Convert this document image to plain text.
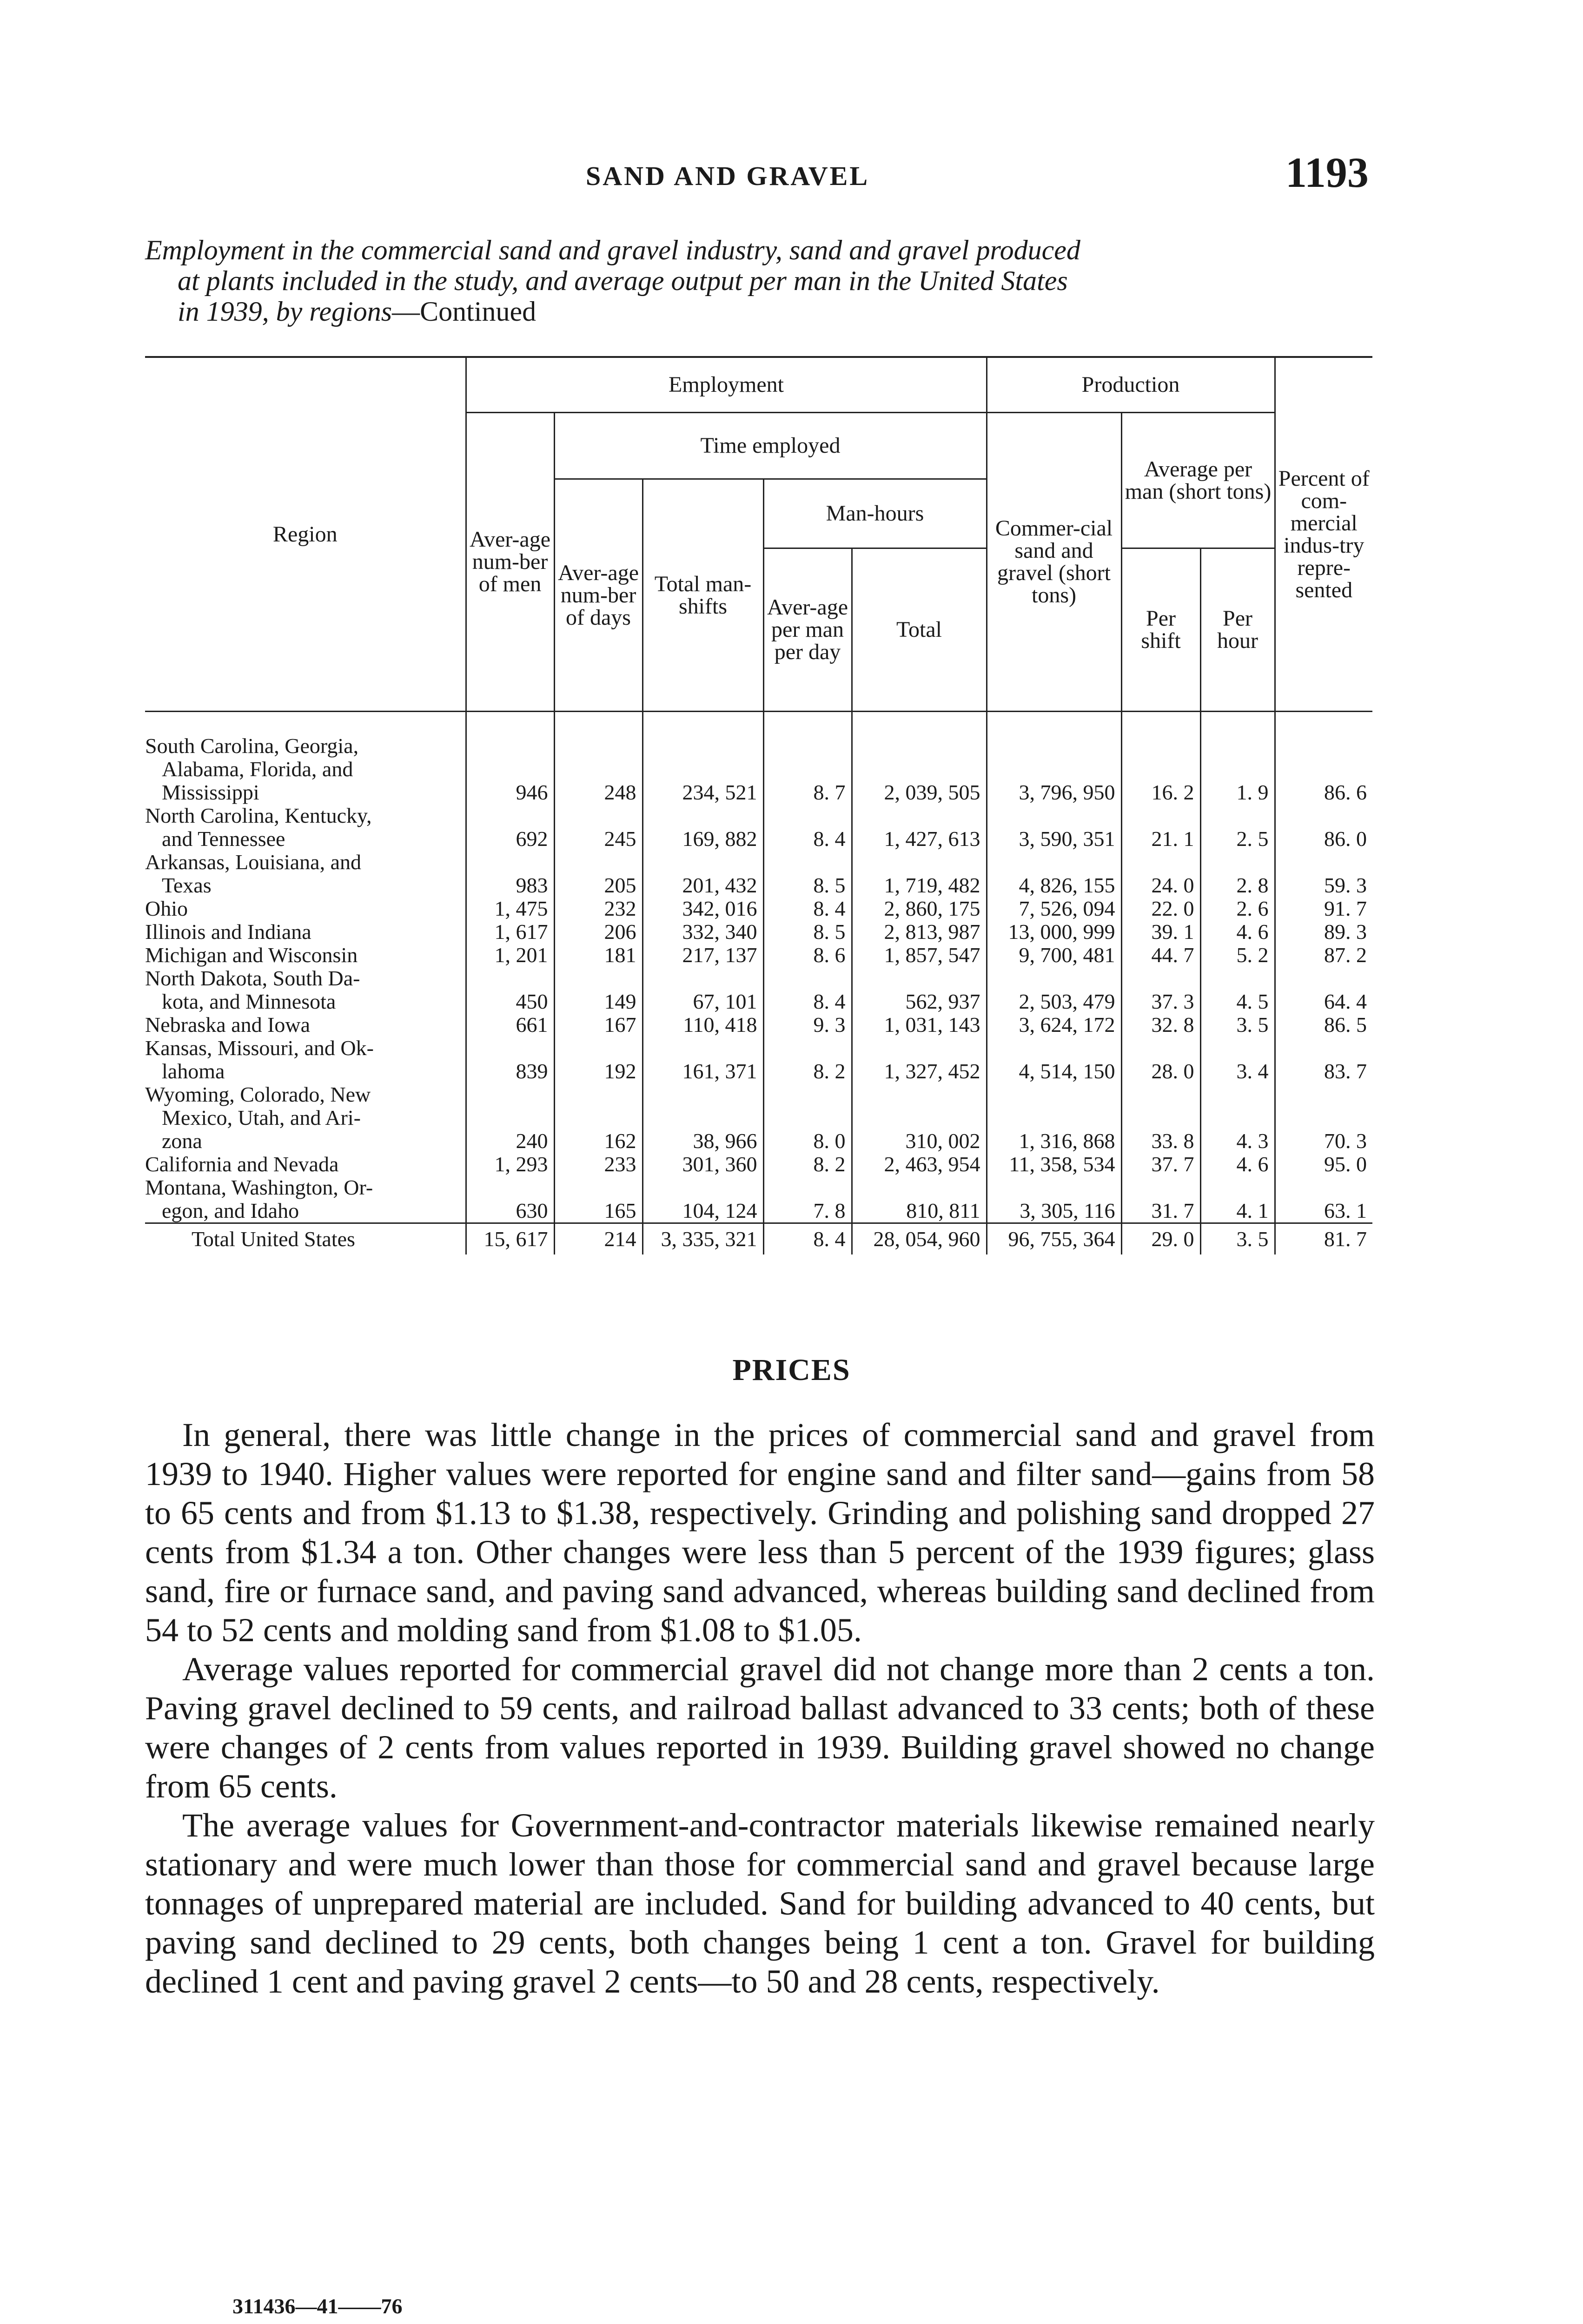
SAND AND GRAVEL	1193
Employment in the commercial sand and gravel industry, sand and gravel produced
at plants included in the study, and average output per man in the United States
in 1939, by regions—Continued
Region	Employment					Production			Percent of com-mercial indus-try repre-sented
	Aver-age num-ber of men	Time employed				Commer-cial sand and gravel (short tons)	Average per man (short tons)		
		Aver-age num-ber of days	Total man-shifts	Man-hours					
				Aver-age per man per day	Total		Per shift	Per hour	

South Carolina, Georgia,
Alabama, Florida, and
Mississippi	946	248	234, 521	8. 7	2, 039, 505	3, 796, 950	16. 2	1. 9	86. 6

North Carolina, Kentucky,
and Tennessee	692	245	169, 882	8. 4	1, 427, 613	3, 590, 351	21. 1	2. 5	86. 0

Arkansas, Louisiana, and
Texas	983	205	201, 432	8. 5	1, 719, 482	4, 826, 155	24. 0	2. 8	59. 3

Ohio	1, 475	232	342, 016	8. 4	2, 860, 175	7, 526, 094	22. 0	2. 6	91. 7

Illinois and Indiana	1, 617	206	332, 340	8. 5	2, 813, 987	13, 000, 999	39. 1	4. 6	89. 3

Michigan and Wisconsin	1, 201	181	217, 137	8. 6	1, 857, 547	9, 700, 481	44. 7	5. 2	87. 2

North Dakota, South Da-
kota, and Minnesota	450	149	67, 101	8. 4	562, 937	2, 503, 479	37. 3	4. 5	64. 4

Nebraska and Iowa	661	167	110, 418	9. 3	1, 031, 143	3, 624, 172	32. 8	3. 5	86. 5

Kansas, Missouri, and Ok-
lahoma	839	192	161, 371	8. 2	1, 327, 452	4, 514, 150	28. 0	3. 4	83. 7

Wyoming, Colorado, New
Mexico, Utah, and Ari-
zona	240	162	38, 966	8. 0	310, 002	1, 316, 868	33. 8	4. 3	70. 3

California and Nevada	1, 293	233	301, 360	8. 2	2, 463, 954	11, 358, 534	37. 7	4. 6	95. 0

Montana, Washington, Or-
egon, and Idaho	630	165	104, 124	7. 8	810, 811	3, 305, 116	31. 7	4. 1	63. 1
Total United States	15, 617	214	3, 335, 321	8. 4	28, 054, 960	96, 755, 364	29. 0	3. 5	81. 7
PRICES

In general, there was little change in the prices of commercial sand and gravel from 1939 to 1940. Higher values were reported for engine sand and filter sand—gains from 58 to 65 cents and from $1.13 to $1.38, respectively. Grinding and polishing sand dropped 27 cents from $1.34 a ton. Other changes were less than 5 percent of the 1939 figures; glass sand, fire or furnace sand, and paving sand advanced, whereas building sand declined from 54 to 52 cents and molding sand from $1.08 to $1.05.

Average values reported for commercial gravel did not change more than 2 cents a ton. Paving gravel declined to 59 cents, and railroad ballast advanced to 33 cents; both of these were changes of 2 cents from values reported in 1939. Building gravel showed no change from 65 cents.

The average values for Government-and-contractor materials likewise remained nearly stationary and were much lower than those for commercial sand and gravel because large tonnages of unprepared material are included. Sand for building advanced to 40 cents, but paving sand declined to 29 cents, both changes being 1 cent a ton. Gravel for building declined 1 cent and paving gravel 2 cents—to 50 and 28 cents, respectively.

311436—41——76
